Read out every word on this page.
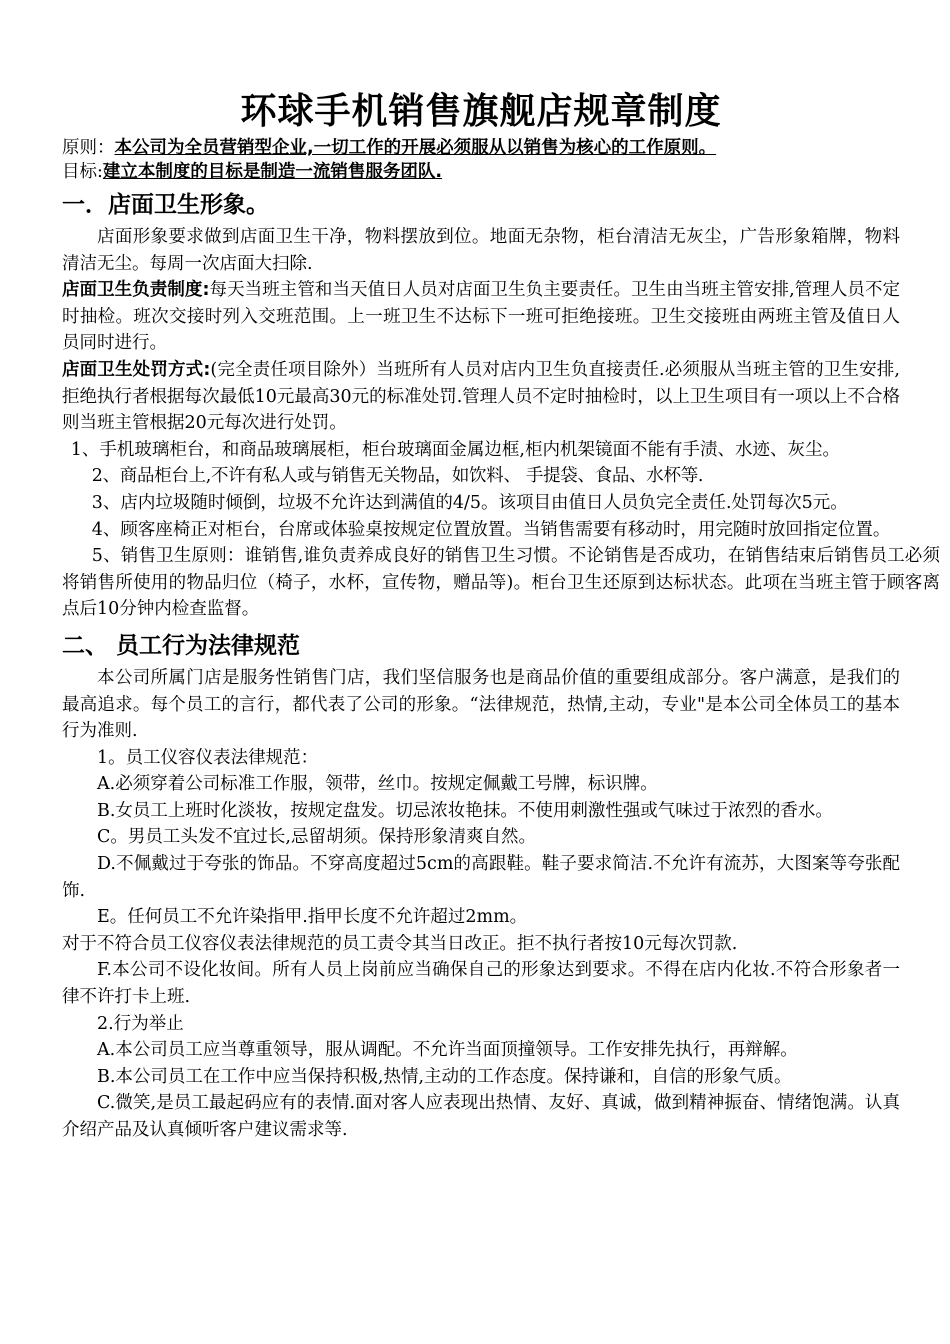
环球手机销售旗舰店规章制度
原则：本公司为全员营销型企业,一切工作的开展必须服从以销售为核心的工作原则。
目标:建立本制度的目标是制造一流销售服务团队.
一．店面卫生形象。

店面形象要求做到店面卫生干净，物料摆放到位。地面无杂物，柜台清洁无灰尘，广告形象箱牌，物料清洁无尘。每周一次店面大扫除.

店面卫生负责制度:每天当班主管和当天值日人员对店面卫生负主要责任。卫生由当班主管安排,管理人员不定时抽检。班次交接时列入交班范围。上一班卫生不达标下一班可拒绝接班。卫生交接班由两班主管及值日人员同时进行。

店面卫生处罚方式:(完全责任项目除外）当班所有人员对店内卫生负直接责任.必须服从当班主管的卫生安排,拒绝执行者根据每次最低10元最高30元的标准处罚.管理人员不定时抽检时，以上卫生项目有一项以上不合格则当班主管根据20元每次进行处罚。

1、手机玻璃柜台，和商品玻璃展柜，柜台玻璃面金属边框,柜内机架镜面不能有手渍、水迹、灰尘。

2、商品柜台上,不许有私人或与销售无关物品，如饮料、 手提袋、食品、水杯等.

3、店内垃圾随时倾倒，垃圾不允许达到满值的4/5。该项目由值日人员负完全责任.处罚每次5元。

4、顾客座椅正对柜台，台席或体验桌按规定位置放置。当销售需要有移动时，用完随时放回指定位置。

5、销售卫生原则：谁销售,谁负责养成良好的销售卫生习惯。不论销售是否成功，在销售结束后销售员工必须将销售所使用的物品归位（椅子，水杯，宣传物，赠品等)。柜台卫生还原到达标状态。此项在当班主管于顾客离点后10分钟内检查监督。

二、 员工行为法律规范

本公司所属门店是服务性销售门店，我们坚信服务也是商品价值的重要组成部分。客户满意，是我们的最高追求。每个员工的言行，都代表了公司的形象。“法律规范，热情,主动，专业"是本公司全体员工的基本行为准则.

1。员工仪容仪表法律规范：

A.必须穿着公司标准工作服，领带，丝巾。按规定佩戴工号牌，标识牌。

B.女员工上班时化淡妆，按规定盘发。切忌浓妆艳抹。不使用刺激性强或气味过于浓烈的香水。

C。男员工头发不宜过长,忌留胡须。保持形象清爽自然。

D.不佩戴过于夸张的饰品。不穿高度超过5cm的高跟鞋。鞋子要求简洁.不允许有流苏，大图案等夸张配饰.

E。任何员工不允许染指甲.指甲长度不允许超过2mm。

对于不符合员工仪容仪表法律规范的员工责令其当日改正。拒不执行者按10元每次罚款.

F.本公司不设化妆间。所有人员上岗前应当确保自己的形象达到要求。不得在店内化妆.不符合形象者一律不许打卡上班.

2.行为举止

A.本公司员工应当尊重领导，服从调配。不允许当面顶撞领导。工作安排先执行，再辩解。

B.本公司员工在工作中应当保持积极,热情,主动的工作态度。保持谦和，自信的形象气质。

C.微笑,是员工最起码应有的表情.面对客人应表现出热情、友好、真诚，做到精神振奋、情绪饱满。认真介绍产品及认真倾听客户建议需求等.
